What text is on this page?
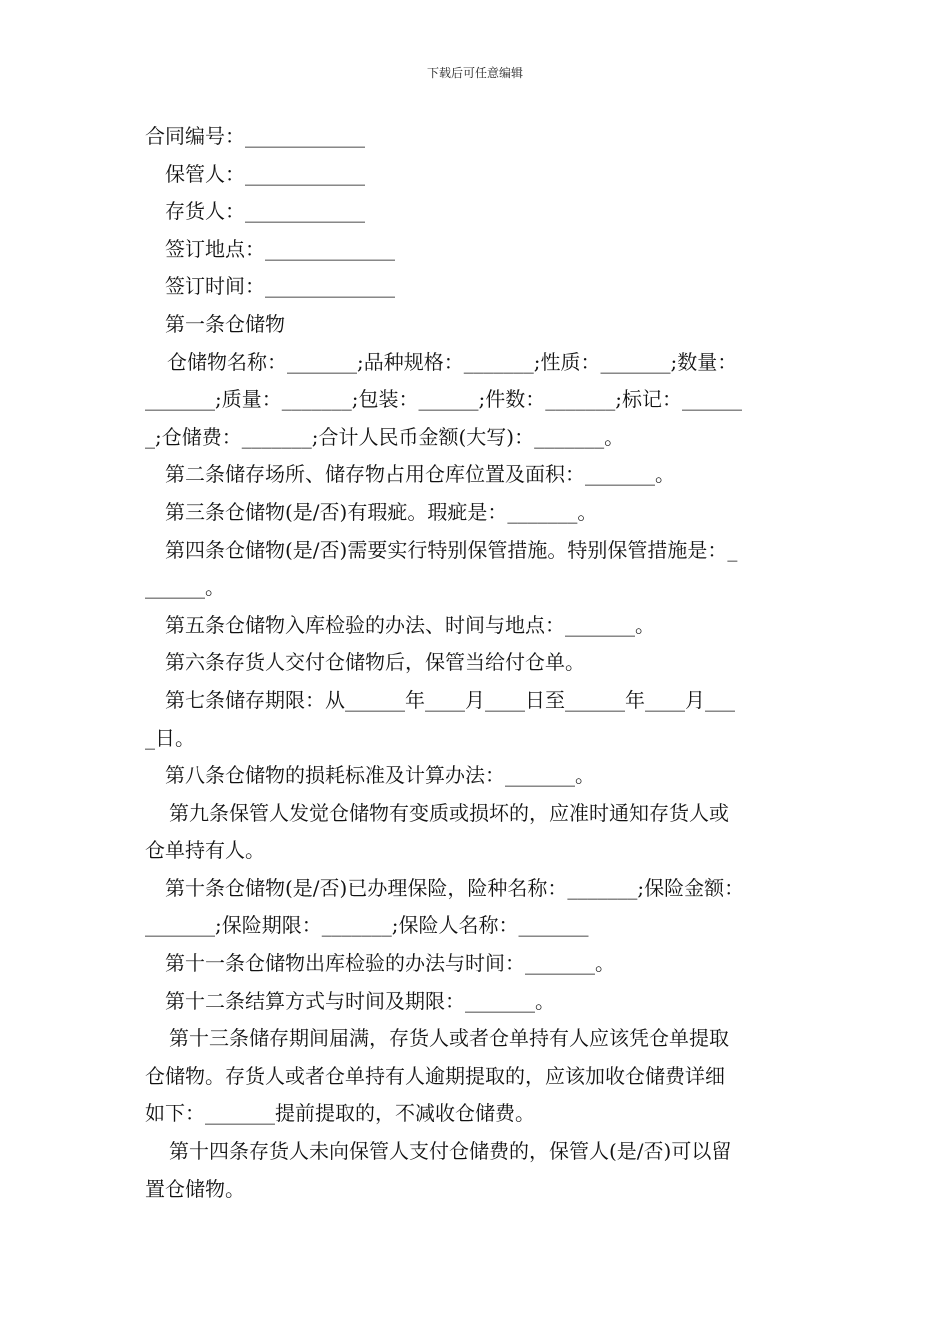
下载后可任意编辑

合同编号：____________

保管人：____________

存货人：____________

签订地点：_____________

签订时间：_____________

第一条仓储物

仓储物名称：_______;品种规格：_______;性质：_______;数量：

_______;质量：_______;包装：______;件数：_______;标记：______

_;仓储费：_______;合计人民币金额(大写)：_______。

第二条储存场所、储存物占用仓库位置及面积：_______。

第三条仓储物(是/否)有瑕疵。瑕疵是：_______。

第四条仓储物(是/否)需要实行特别保管措施。特别保管措施是：_

______。

第五条仓储物入库检验的办法、时间与地点：_______。

第六条存货人交付仓储物后，保管当给付仓单。

第七条储存期限：从______年____月____日至______年____月___

_日。

第八条仓储物的损耗标准及计算办法：_______。

第九条保管人发觉仓储物有变质或损坏的，应准时通知存货人或

仓单持有人。

第十条仓储物(是/否)已办理保险，险种名称：_______;保险金额：

_______;保险期限：_______;保险人名称：_______

第十一条仓储物出库检验的办法与时间：_______。

第十二条结算方式与时间及期限：_______。

第十三条储存期间届满，存货人或者仓单持有人应该凭仓单提取

仓储物。存货人或者仓单持有人逾期提取的，应该加收仓储费详细

如下：_______提前提取的，不减收仓储费。

第十四条存货人未向保管人支付仓储费的，保管人(是/否)可以留

置仓储物。
